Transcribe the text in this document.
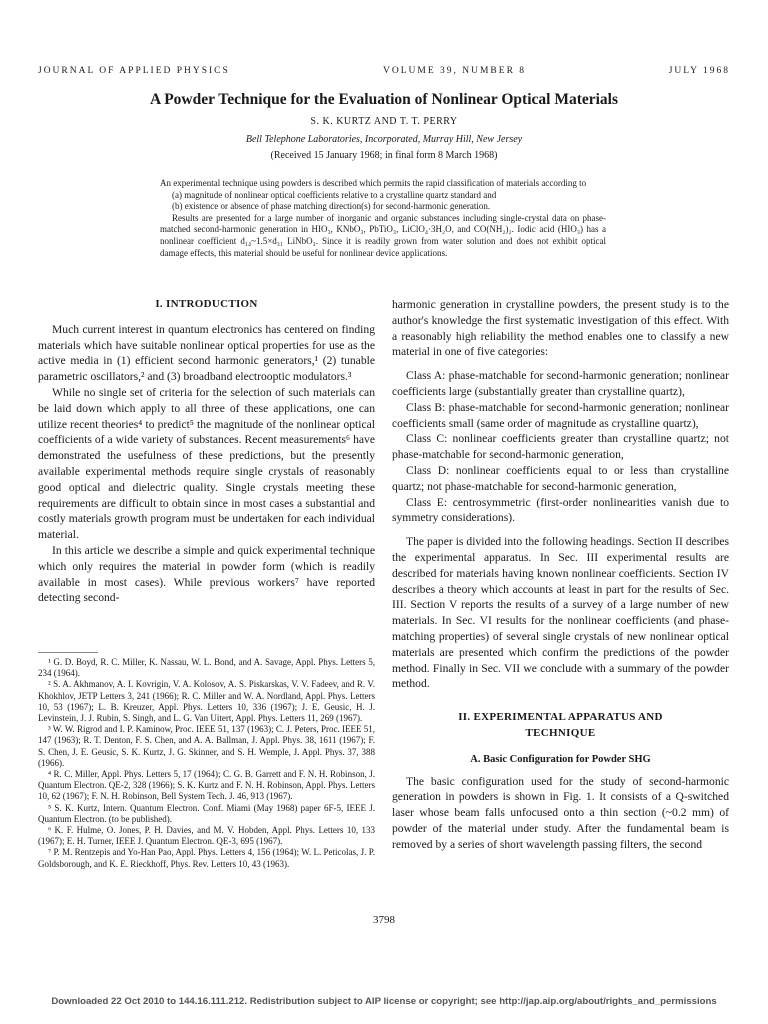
JOURNAL OF APPLIED PHYSICS	VOLUME 39, NUMBER 8	JULY 1968
A Powder Technique for the Evaluation of Nonlinear Optical Materials
S. K. KURTZ AND T. T. PERRY
Bell Telephone Laboratories, Incorporated, Murray Hill, New Jersey
(Received 15 January 1968; in final form 8 March 1968)

An experimental technique using powders is described which permits the rapid classification of materials according to

(a) magnitude of nonlinear optical coefficients relative to a crystalline quartz standard and

(b) existence or absence of phase matching direction(s) for second-harmonic generation.

Results are presented for a large number of inorganic and organic substances including single-crystal data on phase-matched second-harmonic generation in HIO₃, KNbO₃, PbTiO₃, LiClO₄·3H₂O, and CO(NH₂)₂. Iodic acid (HIO₃) has a nonlinear coefficient d₁₄~1.5×d₃₁ LiNbO₃. Since it is readily grown from water solution and does not exhibit optical damage effects, this material should be useful for nonlinear device applications.

I. INTRODUCTION

Much current interest in quantum electronics has centered on finding materials which have suitable nonlinear optical properties for use as the active media in (1) efficient second harmonic generators,¹ (2) tunable parametric oscillators,² and (3) broadband electrooptic modulators.³

While no single set of criteria for the selection of such materials can be laid down which apply to all three of these applications, one can utilize recent theories⁴ to predict⁵ the magnitude of the nonlinear optical coefficients of a wide variety of substances. Recent measurements⁶ have demonstrated the usefulness of these predictions, but the presently available experimental methods require single crystals of reasonably good optical and dielectric quality. Single crystals meeting these requirements are difficult to obtain since in most cases a substantial and costly materials growth program must be undertaken for each individual material.

In this article we describe a simple and quick experimental technique which only requires the material in powder form (which is readily available in most cases). While previous workers⁷ have reported detecting second-

¹ G. D. Boyd, R. C. Miller, K. Nassau, W. L. Bond, and A. Savage, Appl. Phys. Letters 5, 234 (1964).

² S. A. Akhmanov, A. I. Kovrigin, V. A. Kolosov, A. S. Piskarskas, V. V. Fadeev, and R. V. Khokhlov, JETP Letters 3, 241 (1966); R. C. Miller and W. A. Nordland, Appl. Phys. Letters 10, 53 (1967); L. B. Kreuzer, Appl. Phys. Letters 10, 336 (1967); J. E. Geusic, H. J. Levinstein, J. J. Rubin, S. Singh, and L. G. Van Uitert, Appl. Phys. Letters 11, 269 (1967).

³ W. W. Rigrod and I. P. Kaminow, Proc. IEEE 51, 137 (1963); C. J. Peters, Proc. IEEE 51, 147 (1963); R. T. Denton, F. S. Chen, and A. A. Ballman, J. Appl. Phys. 38, 1611 (1967); F. S. Chen, J. E. Geusic, S. K. Kurtz, J. G. Skinner, and S. H. Wemple, J. Appl. Phys. 37, 388 (1966).

⁴ R. C. Miller, Appl. Phys. Letters 5, 17 (1964); C. G. B. Garrett and F. N. H. Robinson, J. Quantum Electron. QE-2, 328 (1966); S. K. Kurtz and F. N. H. Robinson, Appl. Phys. Letters 10, 62 (1967); F. N. H. Robinson, Bell System Tech. J. 46, 913 (1967).

⁵ S. K. Kurtz, Intern. Quantum Electron. Conf. Miami (May 1968) paper 6F-5, IEEE J. Quantum Electron. (to be published).

⁶ K. F. Hulme, O. Jones, P. H. Davies, and M. V. Hobden, Appl. Phys. Letters 10, 133 (1967); E. H. Turner, IEEE J. Quantum Electron. QE-3, 695 (1967).

⁷ P. M. Rentzepis and Yo-Han Pao, Appl. Phys. Letters 4, 156 (1964); W. L. Peticolas, J. P. Goldsborough, and K. E. Rieckhoff, Phys. Rev. Letters 10, 43 (1963).

harmonic generation in crystalline powders, the present study is to the author's knowledge the first systematic investigation of this effect. With a reasonably high reliability the method enables one to classify a new material in one of five categories:

Class A: phase-matchable for second-harmonic generation; nonlinear coefficients large (substantially greater than crystalline quartz),

Class B: phase-matchable for second-harmonic generation; nonlinear coefficients small (same order of magnitude as crystalline quartz),

Class C: nonlinear coefficients greater than crystalline quartz; not phase-matchable for second-harmonic generation,

Class D: nonlinear coefficients equal to or less than crystalline quartz; not phase-matchable for second-harmonic generation,

Class E: centrosymmetric (first-order nonlinearities vanish due to symmetry considerations).

The paper is divided into the following headings. Section II describes the experimental apparatus. In Sec. III experimental results are described for materials having known nonlinear coefficients. Section IV describes a theory which accounts at least in part for the results of Sec. III. Section V reports the results of a survey of a large number of new materials. In Sec. VI results for the nonlinear coefficients (and phase-matching properties) of several single crystals of new nonlinear optical materials are presented which confirm the predictions of the powder method. Finally in Sec. VII we conclude with a summary of the powder method.

II. EXPERIMENTAL APPARATUS AND
TECHNIQUE
A. Basic Configuration for Powder SHG

The basic configuration used for the study of second-harmonic generation in powders is shown in Fig. 1. It consists of a Q-switched laser whose beam falls unfocused onto a thin section (~0.2 mm) of powder of the material under study. After the fundamental beam is removed by a series of short wavelength passing filters, the second

3798
Downloaded 22 Oct 2010 to 144.16.111.212. Redistribution subject to AIP license or copyright; see http://jap.aip.org/about/rights_and_permissions
